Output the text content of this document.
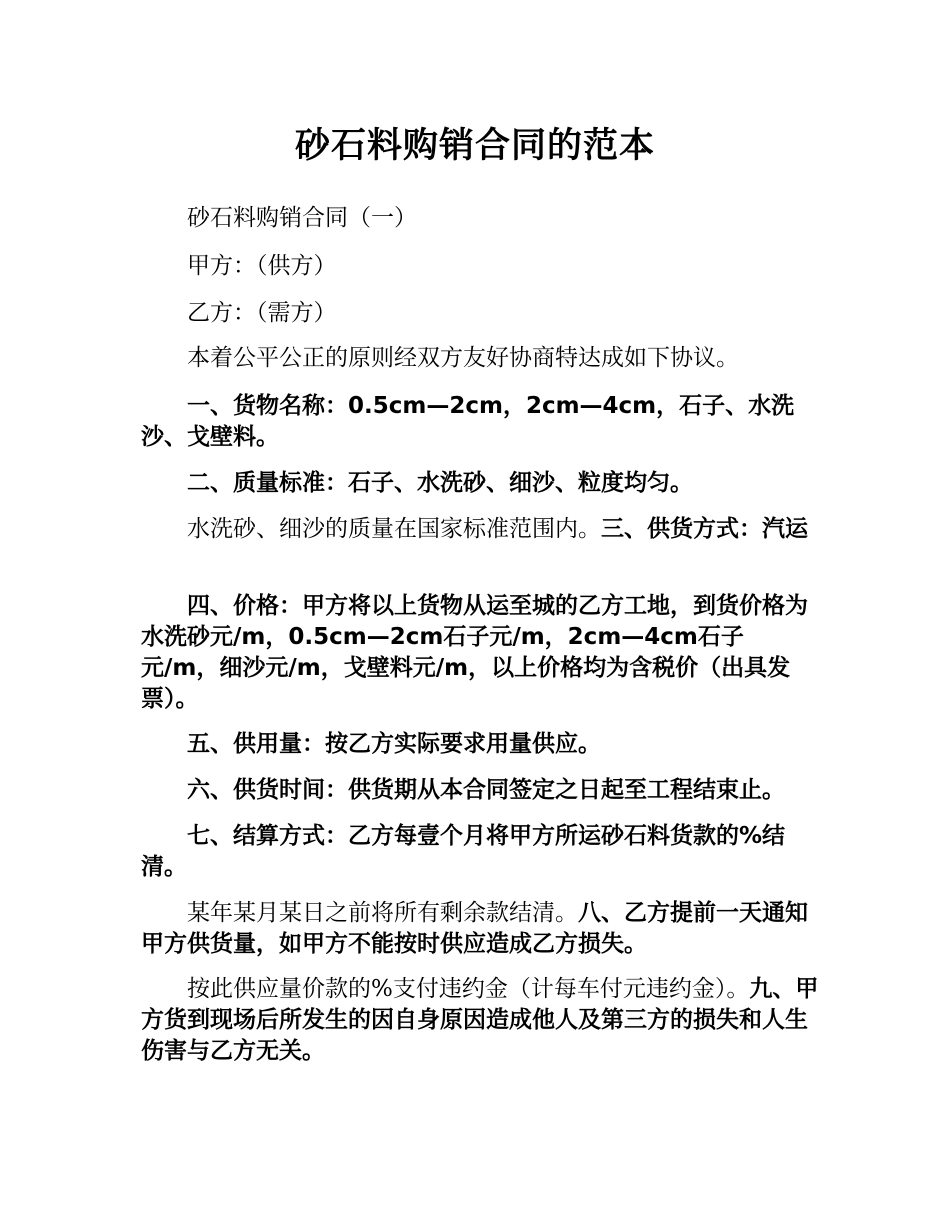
砂石料购销合同的范本

砂石料购销合同（一）

甲方：（供方）

乙方：（需方）

本着公平公正的原则经双方友好协商特达成如下协议。

一、货物名称：0.5cm—2cm，2cm—4cm，石子、水洗沙、戈壁料。

二、质量标准：石子、水洗砂、细沙、粒度均匀。

水洗砂、细沙的质量在国家标准范围内。三、供货方式：汽运

四、价格：甲方将以上货物从运至城的乙方工地，到货价格为水洗砂元/m，0.5cm—2cm石子元/m，2cm—4cm石子元/m，细沙元/m，戈壁料元/m，以上价格均为含税价（出具发票）。

五、供用量：按乙方实际要求用量供应。

六、供货时间：供货期从本合同签定之日起至工程结束止。

七、结算方式：乙方每壹个月将甲方所运砂石料货款的%结清。

某年某月某日之前将所有剩余款结清。八、乙方提前一天通知甲方供货量，如甲方不能按时供应造成乙方损失。

按此供应量价款的%支付违约金（计每车付元违约金）。九、甲方货到现场后所发生的因自身原因造成他人及第三方的损失和人生伤害与乙方无关。
